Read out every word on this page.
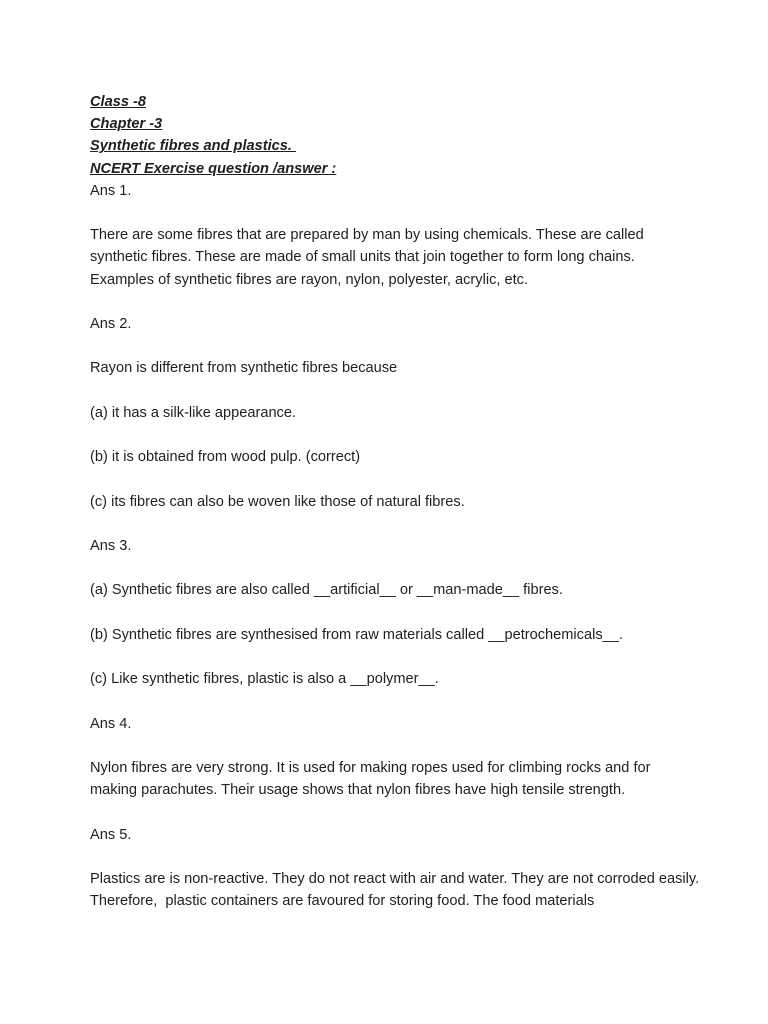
Class -8

Chapter -3

Synthetic fibres and plastics.

NCERT Exercise question /answer :

Ans 1.

There are some fibres that are prepared by man by using chemicals. These are called synthetic fibres. These are made of small units that join together to form long chains. Examples of synthetic fibres are rayon, nylon, polyester, acrylic, etc.

Ans 2.

Rayon is different from synthetic fibres because

(a) it has a silk-like appearance.

(b) it is obtained from wood pulp. (correct)

(c) its fibres can also be woven like those of natural fibres.

Ans 3.

(a) Synthetic fibres are also called __artificial__ or __man-made__ fibres.

(b) Synthetic fibres are synthesised from raw materials called __petrochemicals__.

(c) Like synthetic fibres, plastic is also a __polymer__.

Ans 4.

Nylon fibres are very strong. It is used for making ropes used for climbing rocks and for making parachutes. Their usage shows that nylon fibres have high tensile strength.

Ans 5.

Plastics are is non-reactive. They do not react with air and water. They are not corroded easily. Therefore,  plastic containers are favoured for storing food. The food materials
